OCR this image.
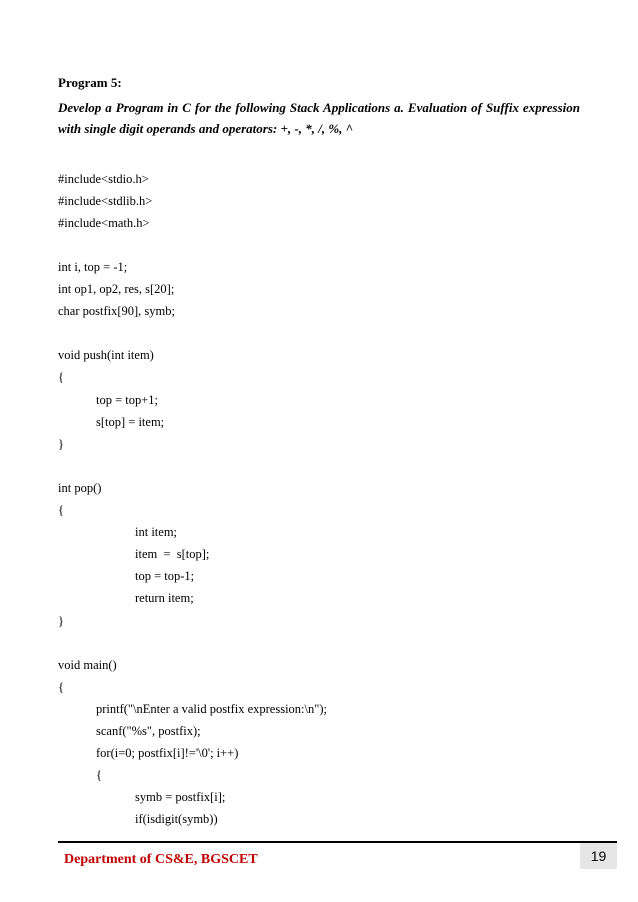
Program 5:
Develop a Program in C for the following Stack Applications a. Evaluation of Suffix expression with single digit operands and operators: +, -, *, /, %, ^
#include<stdio.h>
#include<stdlib.h>
#include<math.h>
int i, top = -1;
int op1, op2, res, s[20];
char postfix[90], symb;
void push(int item)
{
top = top+1;
s[top] = item;
}
int pop()
{
int item;
item  =  s[top];
top = top-1;
return item;
}
void main()
{
printf("\nEnter a valid postfix expression:\n");
scanf("%s", postfix);
for(i=0; postfix[i]!='\0'; i++)
{
symb = postfix[i];
if(isdigit(symb))
Department of CS&E, BGSCET	19
